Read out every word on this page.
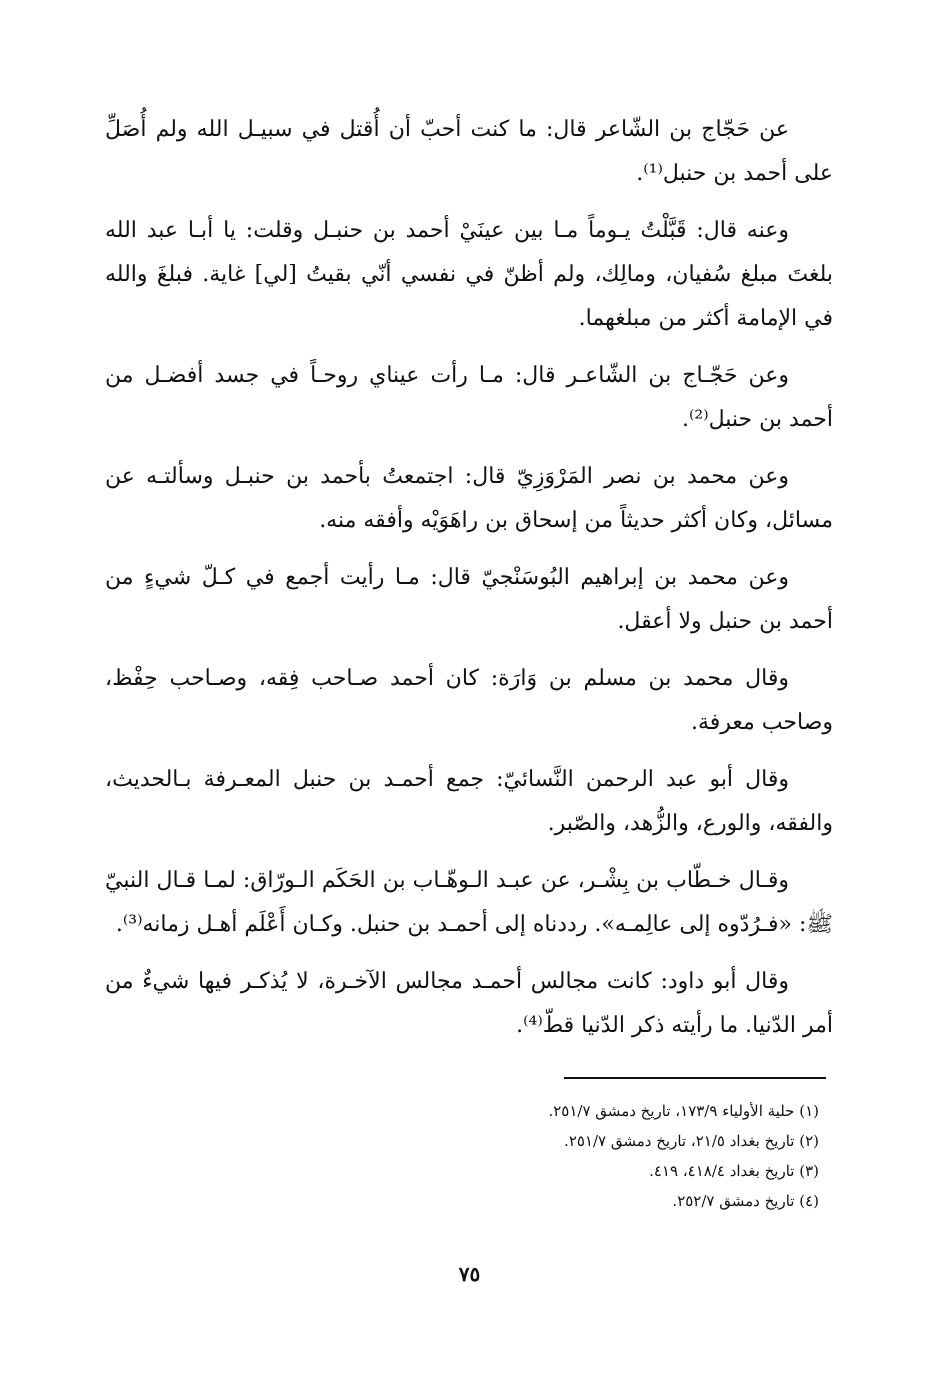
عن حَجّاج بن الشّاعر قال: ما كنت أحبّ أن أُقتل في سبيـل الله ولم أُصَلِّ على أحمد بن حنبل⁽¹⁾.

وعنه قال: قَبَّلْتُ يـوماً مـا بين عينَيْ أحمد بن حنبـل وقلت: يا أبـا عبد الله بلغتَ مبلغ سُفيان، ومالِك، ولم أظنّ في نفسي أنّي بقيتُ [لي] غاية. فبلغَ والله في الإمامة أكثر من مبلغهما.

وعن حَجّـاج بن الشّاعـر قال: مـا رأت عيناي روحـاً في جسد أفضـل من أحمد بن حنبل⁽²⁾.

وعن محمد بن نصر المَرْوَزِيّ قال: اجتمعتُ بأحمد بن حنبـل وسألتـه عن مسائل، وكان أكثر حديثاً من إسحاق بن راهَوَيْه وأفقه منه.

وعن محمد بن إبراهيم البُوسَنْجيّ قال: مـا رأيت أجمع في كـلّ شيءٍ من أحمد بن حنبل ولا أعقل.

وقال محمد بن مسلم بن وَارَة: كان أحمد صـاحب فِقه، وصـاحب حِفْظ، وصاحب معرفة.

وقال أبو عبد الرحمن النَّسائيّ: جمع أحمـد بن حنبل المعـرفة بـالحديث، والفقه، والورع، والزُّهد، والصّبر.

وقـال خـطّاب بن بِشْـر، عن عبـد الـوهّـاب بن الحَكَم الـورّاق: لمـا قـال النبيّ ﷺ: «فـرُدّوه إلى عالِمـه». رددناه إلى أحمـد بن حنبل. وكـان أَعْلَم أهـل زمانه⁽³⁾.

وقال أبو داود: كانت مجالس أحمـد مجالس الآخـرة، لا يُذكـر فيها شيءٌ من أمر الدّنيا. ما رأيته ذكر الدّنيا قطّ⁽⁴⁾.

(١) حلية الأولياء ١٧٣/٩، تاريخ دمشق ٢٥١/٧.

(٢) تاريخ بغداد ٢١/٥، تاريخ دمشق ٢٥١/٧.

(٣) تاريخ بغداد ٤١٨/٤، ٤١٩.

(٤) تاريخ دمشق ٢٥٢/٧.

٧٥
